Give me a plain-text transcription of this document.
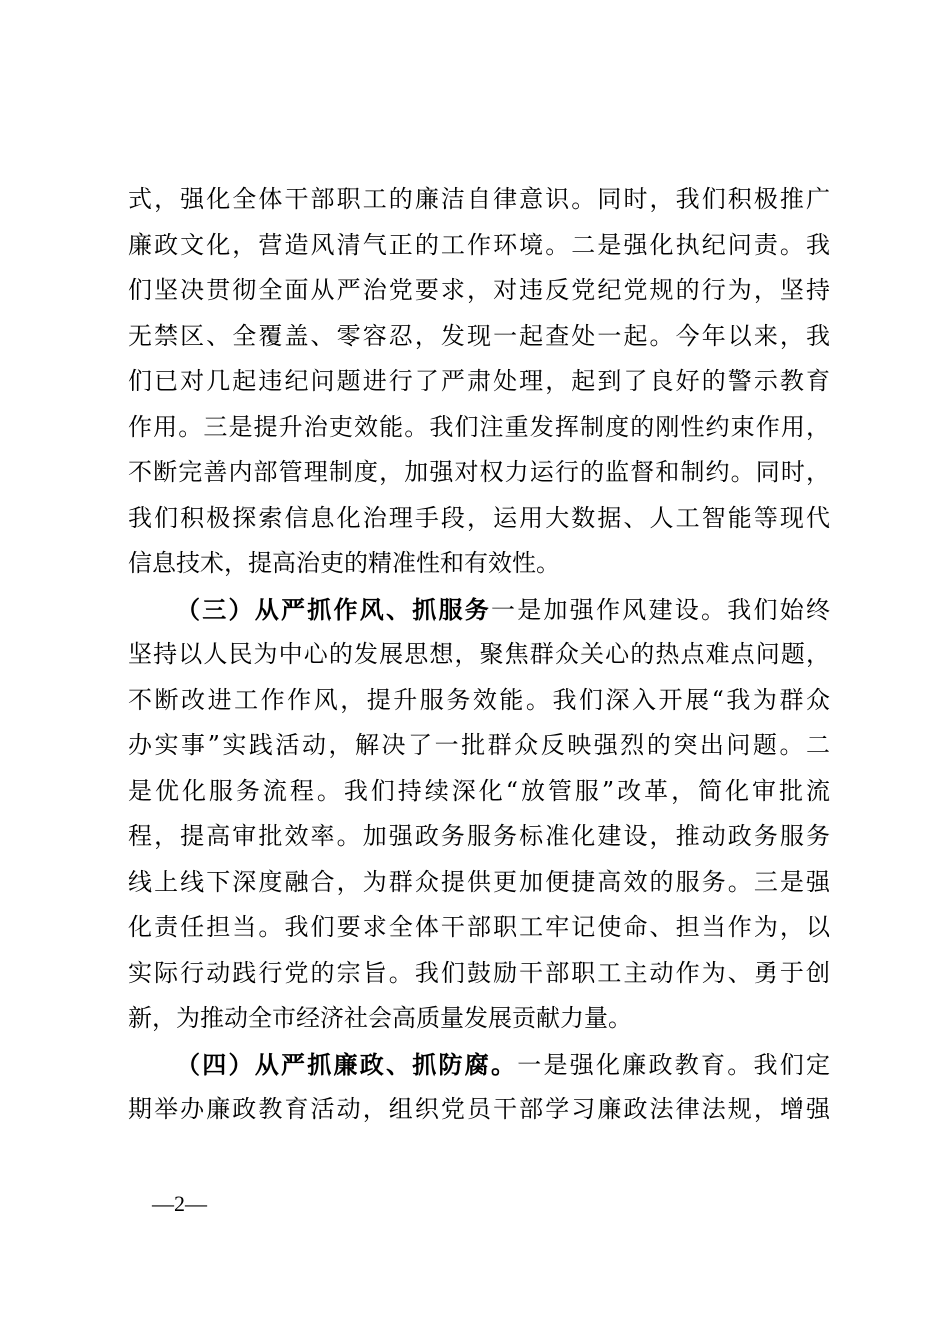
式，强化全体干部职工的廉洁自律意识。同时，我们积极推广
廉政文化，营造风清气正的工作环境。二是强化执纪问责。我
们坚决贯彻全面从严治党要求，对违反党纪党规的行为，坚持
无禁区、全覆盖、零容忍，发现一起查处一起。今年以来，我
们已对几起违纪问题进行了严肃处理，起到了良好的警示教育
作用。三是提升治吏效能。我们注重发挥制度的刚性约束作用，
不断完善内部管理制度，加强对权力运行的监督和制约。同时，
我们积极探索信息化治理手段，运用大数据、人工智能等现代
信息技术，提高治吏的精准性和有效性。
（三）从严抓作风、抓服务一是加强作风建设。我们始终
坚持以人民为中心的发展思想，聚焦群众关心的热点难点问题，
不断改进工作作风，提升服务效能。我们深入开展“我为群众
办实事”实践活动，解决了一批群众反映强烈的突出问题。二
是优化服务流程。我们持续深化“放管服”改革，简化审批流
程，提高审批效率。加强政务服务标准化建设，推动政务服务
线上线下深度融合，为群众提供更加便捷高效的服务。三是强
化责任担当。我们要求全体干部职工牢记使命、担当作为，以
实际行动践行党的宗旨。我们鼓励干部职工主动作为、勇于创
新，为推动全市经济社会高质量发展贡献力量。
（四）从严抓廉政、抓防腐。一是强化廉政教育。我们定
期举办廉政教育活动，组织党员干部学习廉政法律法规，增强
—2—
